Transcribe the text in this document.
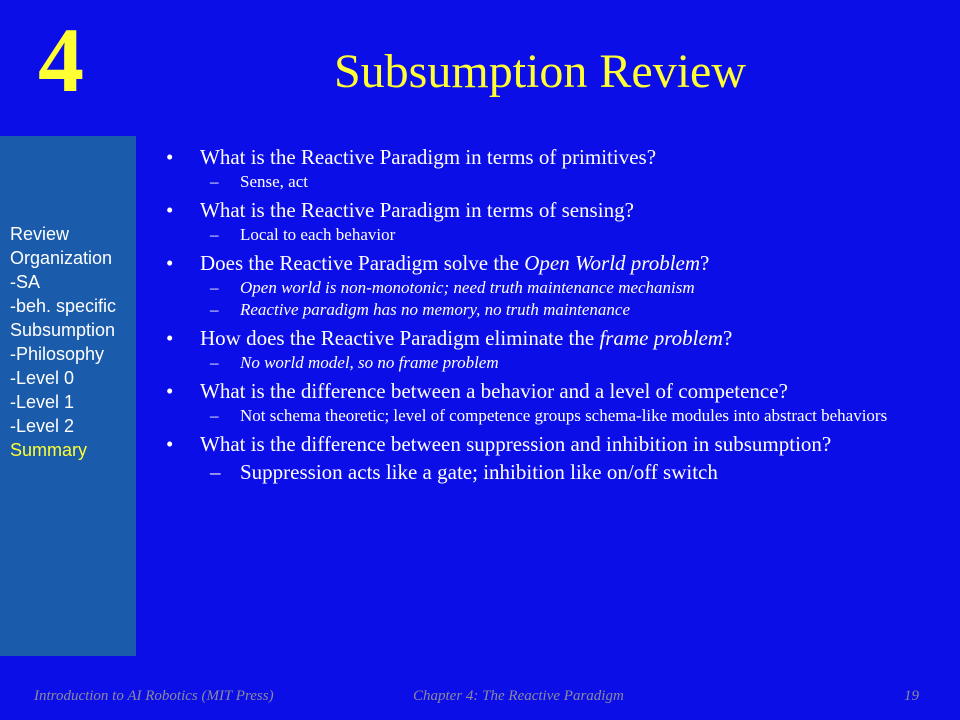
4	Subsumption Review
Review
Organization
-SA
-beh. specific
Subsumption
-Philosophy
-Level 0
-Level 1
-Level 2
Summary
• What is the Reactive Paradigm in terms of primitives?
– Sense, act
• What is the Reactive Paradigm in terms of sensing?
– Local to each behavior
• Does the Reactive Paradigm solve the Open World problem?
– Open world is non-monotonic; need truth maintenance mechanism
– Reactive paradigm has no memory, no truth maintenance
• How does the Reactive Paradigm eliminate the frame problem?
– No world model, so no frame problem
• What is the difference between a behavior and a level of competence?
– Not schema theoretic; level of competence groups schema-like modules into abstract behaviors
• What is the difference between suppression and inhibition in subsumption?
– Suppression acts like a gate; inhibition like on/off switch
Introduction to AI Robotics (MIT Press)	Chapter 4: The Reactive Paradigm	19
